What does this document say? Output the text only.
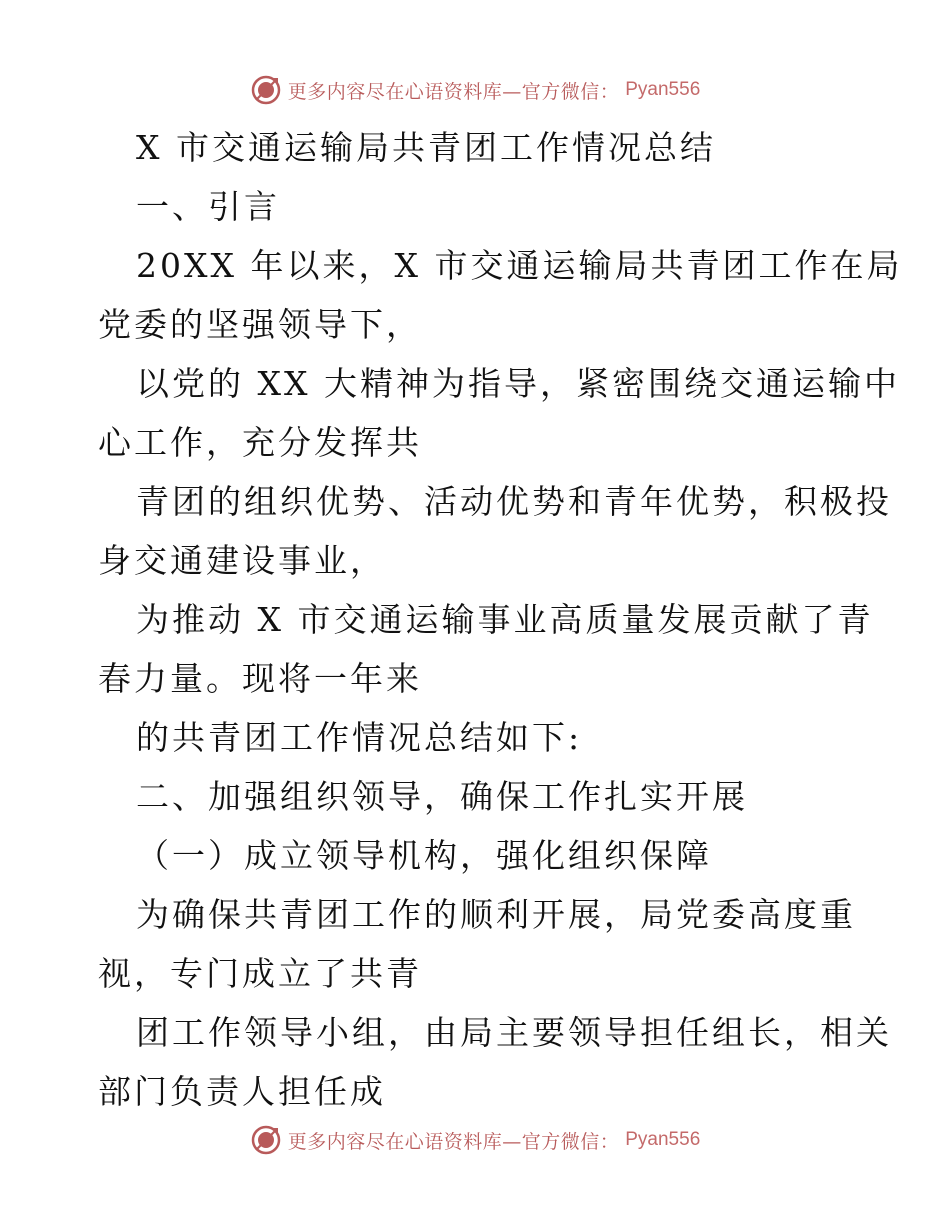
更多内容尽在心语资料库—官方微信： Pyan556
X 市交通运输局共青团工作情况总结
一、引言
20XX 年以来，X 市交通运输局共青团工作在局
党委的坚强领导下，
以党的 XX 大精神为指导，紧密围绕交通运输中
心工作，充分发挥共
青团的组织优势、活动优势和青年优势，积极投
身交通建设事业，
为推动 X 市交通运输事业高质量发展贡献了青
春力量。现将一年来
的共青团工作情况总结如下:
二、加强组织领导，确保工作扎实开展
（一）成立领导机构，强化组织保障
为确保共青团工作的顺利开展，局党委高度重
视，专门成立了共青
团工作领导小组，由局主要领导担任组长，相关
部门负责人担任成
更多内容尽在心语资料库—官方微信： Pyan556
